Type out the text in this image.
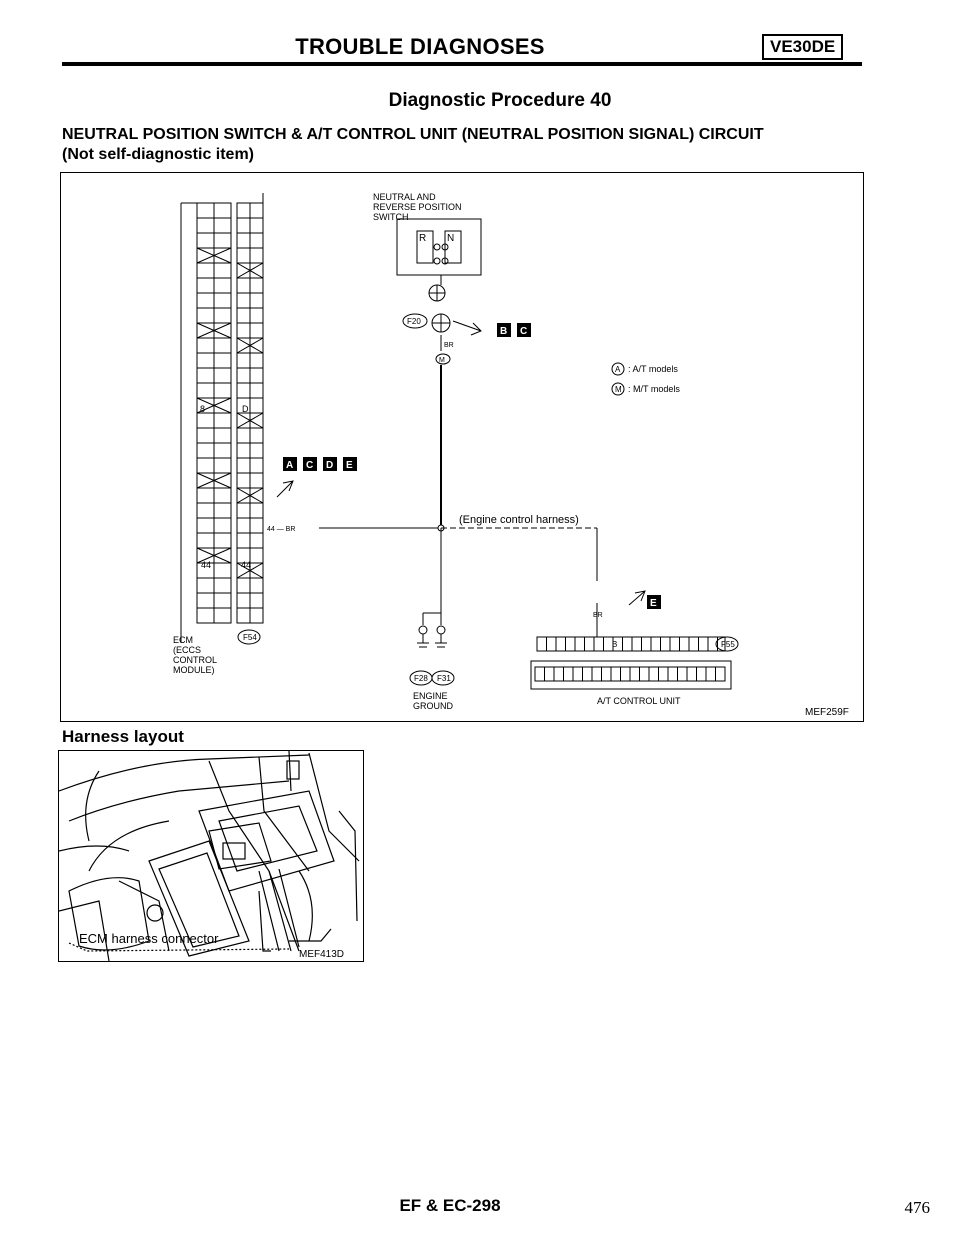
TROUBLE DIAGNOSES	VE30DE
Diagnostic Procedure 40
NEUTRAL POSITION SWITCH & A/T CONTROL UNIT (NEUTRAL POSITION SIGNAL) CIRCUIT
(Not self-diagnostic item)
NEUTRAL AND
REVERSE POSITION
SWITCH
R N
F20
BR
M
8	D
44	44
44 — BR
ECM
(ECCS
CONTROL
MODULE)
F54
A : A/T models
M : M/T models
(Engine control harness)
BR
B	F55
F28 F31
ENGINE
GROUND	A/T CONTROL UNIT
MEF259F
B C
A C D E
E
Harness layout
ECM harness connector
MEF413D
EF & EC-298	476
